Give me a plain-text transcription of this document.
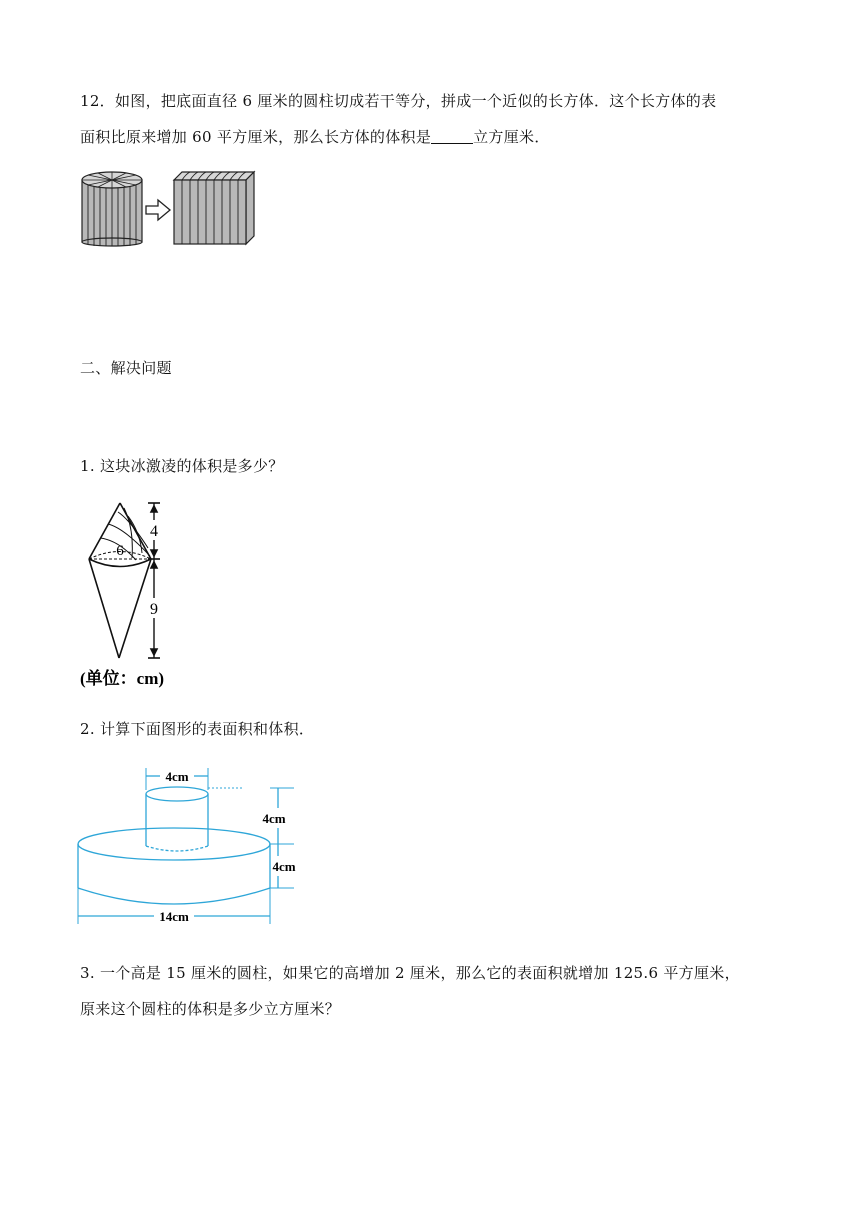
12．如图，把底面直径 6 厘米的圆柱切成若干等分，拼成一个近似的长方体．这个长方体的表
面积比原来增加 60 平方厘米，那么长方体的体积是	立方厘米．
二、解决问题
1. 这块冰激凌的体积是多少？
4
6
9
(单位：cm)
2. 计算下面图形的表面积和体积．
4cm
4cm
4cm
14cm
3. 一个高是 15 厘米的圆柱，如果它的高增加 2 厘米，那么它的表面积就增加 125.6 平方厘米，
原来这个圆柱的体积是多少立方厘米？
